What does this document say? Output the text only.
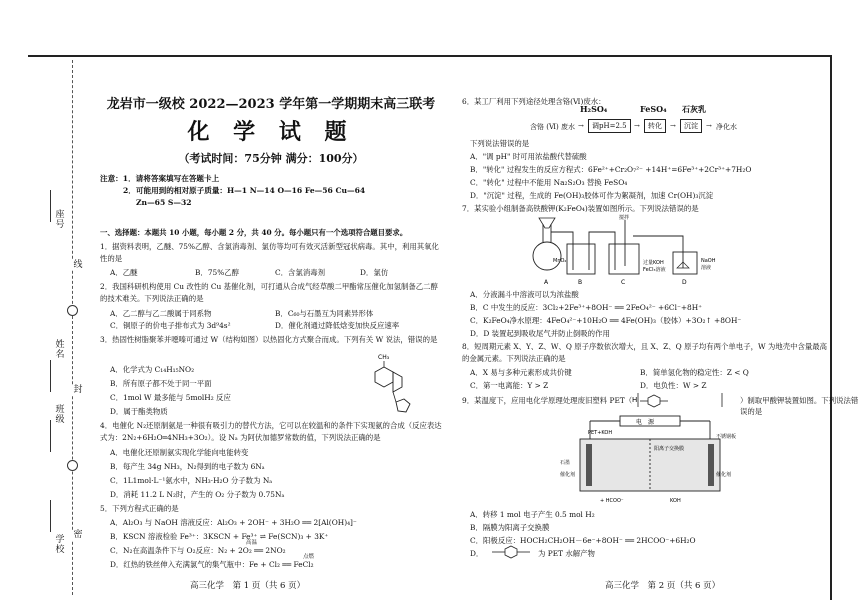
座号
线
姓名
封
班级
学校
密
龙岩市一级校 2022—2023 学年第一学期期末高三联考
化 学 试 题
（考试时间：75分钟 满分：100分）
注意：1．请将答案填写在答题卡上
2．可能用到的相对原子质量：H—1 N—14 O—16 Fe—56 Cu—64
Zn—65 S—32
一、选择题：本题共 10 小题，每小题 2 分，共 40 分。每小题只有一个选项符合题目要求。
1．据资料表明，乙醚、75%乙醇、含氯消毒剂、氯仿等均可有效灭活新型冠状病毒。其中，利用其氧化性的是
A．乙醚	B．75%乙醇	C．含氯消毒剂	D．氯仿
2．我国科研机构使用 Cu 改性的 Cu 基催化剂，可打通从合成气经草酸二甲酯常压催化加氢制备乙二醇的技术难关。下列说法正确的是
A．乙二醇与乙二酸属于同系物	B．C₆₀与石墨互为同素异形体
C．铜原子的价电子排布式为 3d⁹4s²	D．催化剂通过降低焓变加快反应速率
3．热固性树脂聚苯并噁嗪可通过 W（结构如图）以热固化方式聚合而成。下列有关 W 说法，错误的是
A．化学式为 C₁₄H₁₅NO₂
B．所有原子都不处于同一平面
C．1mol W 最多能与 5molH₂ 反应
D．属于酯类物质
CH₃
4．电催化 N₂还原制氨是一种很有吸引力的替代方法，它可以在较温和的条件下实现氨的合成（反应表达式为：2N₂+6H₂O═4NH₃+3O₂）。设 Nₐ 为阿伏加德罗常数的值，下列说法正确的是
A．电催化还原制氨实现化学能向电能转变
B．每产生 34g NH₃，N₂得到的电子数为 6Nₐ
C．1L1mol·L⁻¹氨水中，NH₃·H₂O 分子数为 Nₐ
D．消耗 11.2 L N₂时，产生的 O₂ 分子数为 0.75Nₐ
5．下列方程式正确的是
A．Al₂O₃ 与 NaOH 溶液反应：Al₂O₃ + 2OH⁻ + 3H₂O ══ 2[Al(OH)₄]⁻
B．KSCN 溶液检验 Fe³⁺：3KSCN + Fe³⁺ ⇌ Fe(SCN)₃ + 3K⁺
C．N₂在高温条件下与 O₂反应：N₂ + 2O₂ ══ 2NO₂
高温
D．红热的铁丝伸入充满氯气的集气瓶中：Fe + Cl₂ ══ FeCl₂
点燃
高三化学　第 1 页（共 6 页）
6．某工厂利用下列途径处理含铬(Ⅵ)废水：
H₂SO₄	FeSO₄ 石灰乳
含铬 (Ⅵ) 废水 →	调pH=2.5	→	转化	→	沉淀	→ 净化水
下列说法错误的是
A．"调 pH" 时可用浓盐酸代替硫酸
B．"转化" 过程发生的反应方程式：6Fe²⁺+Cr₂O₇²⁻ +14H⁺=6Fe³⁺+2Cr³⁺+7H₂O
C．"转化" 过程中不能用 Na₂S₂O₃ 替换 FeSO₄
D．"沉淀" 过程，生成的 Fe(OH)₃胶体可作为絮凝剂，加速 Cr(OH)₃沉淀
7．某实验小组制备高铁酸钾(K₂FeO₄)装置如图所示。下列说法错误的是
MnO₂
搅拌
过量KOH
FeCl₃溶液
NaOH
溶液
A	B	C	D
A．分液漏斗中溶液可以为浓盐酸
B．C 中发生的反应：3Cl₂+2Fe³⁺+8OH⁻ ══ 2FeO₄²⁻ +6Cl⁻+8H⁺
C．K₂FeO₄净水原理：4FeO₄²⁻+10H₂O ══ 4Fe(OH)₃（胶体）+3O₂↑ +8OH⁻
D．D 装置起到吸收尾气并防止倒吸的作用
8．短周期元素 X、Y、Z、W、Q 原子序数依次增大，且 X、Z、Q 原子均有两个单电子，W 为地壳中含量最高的金属元素。下列说法正确的是
A．X 易与多种元素形成共价键	B．简单氢化物的稳定性：Z < Q
C．第一电离能：Y > Z	D．电负性：W > Z
9．某温度下，应用电化学原理处理废旧塑料 PET（ H	）制取甲酸钾装置如图。下列说法错误的是
电　源
PET+KOH
石墨
催化剂
阳离子交换膜
不锈钢板
催化剂
+ HCOO⁻	KOH
A．转移 1 mol 电子产生 0.5 mol H₂
B．隔膜为阳离子交换膜
C．阳极反应：HOCH₂CH₂OH－6e⁻+8OH⁻ ══ 2HCOO⁻+6H₂O
D．	为 PET 水解产物
高三化学　第 2 页（共 6 页）
